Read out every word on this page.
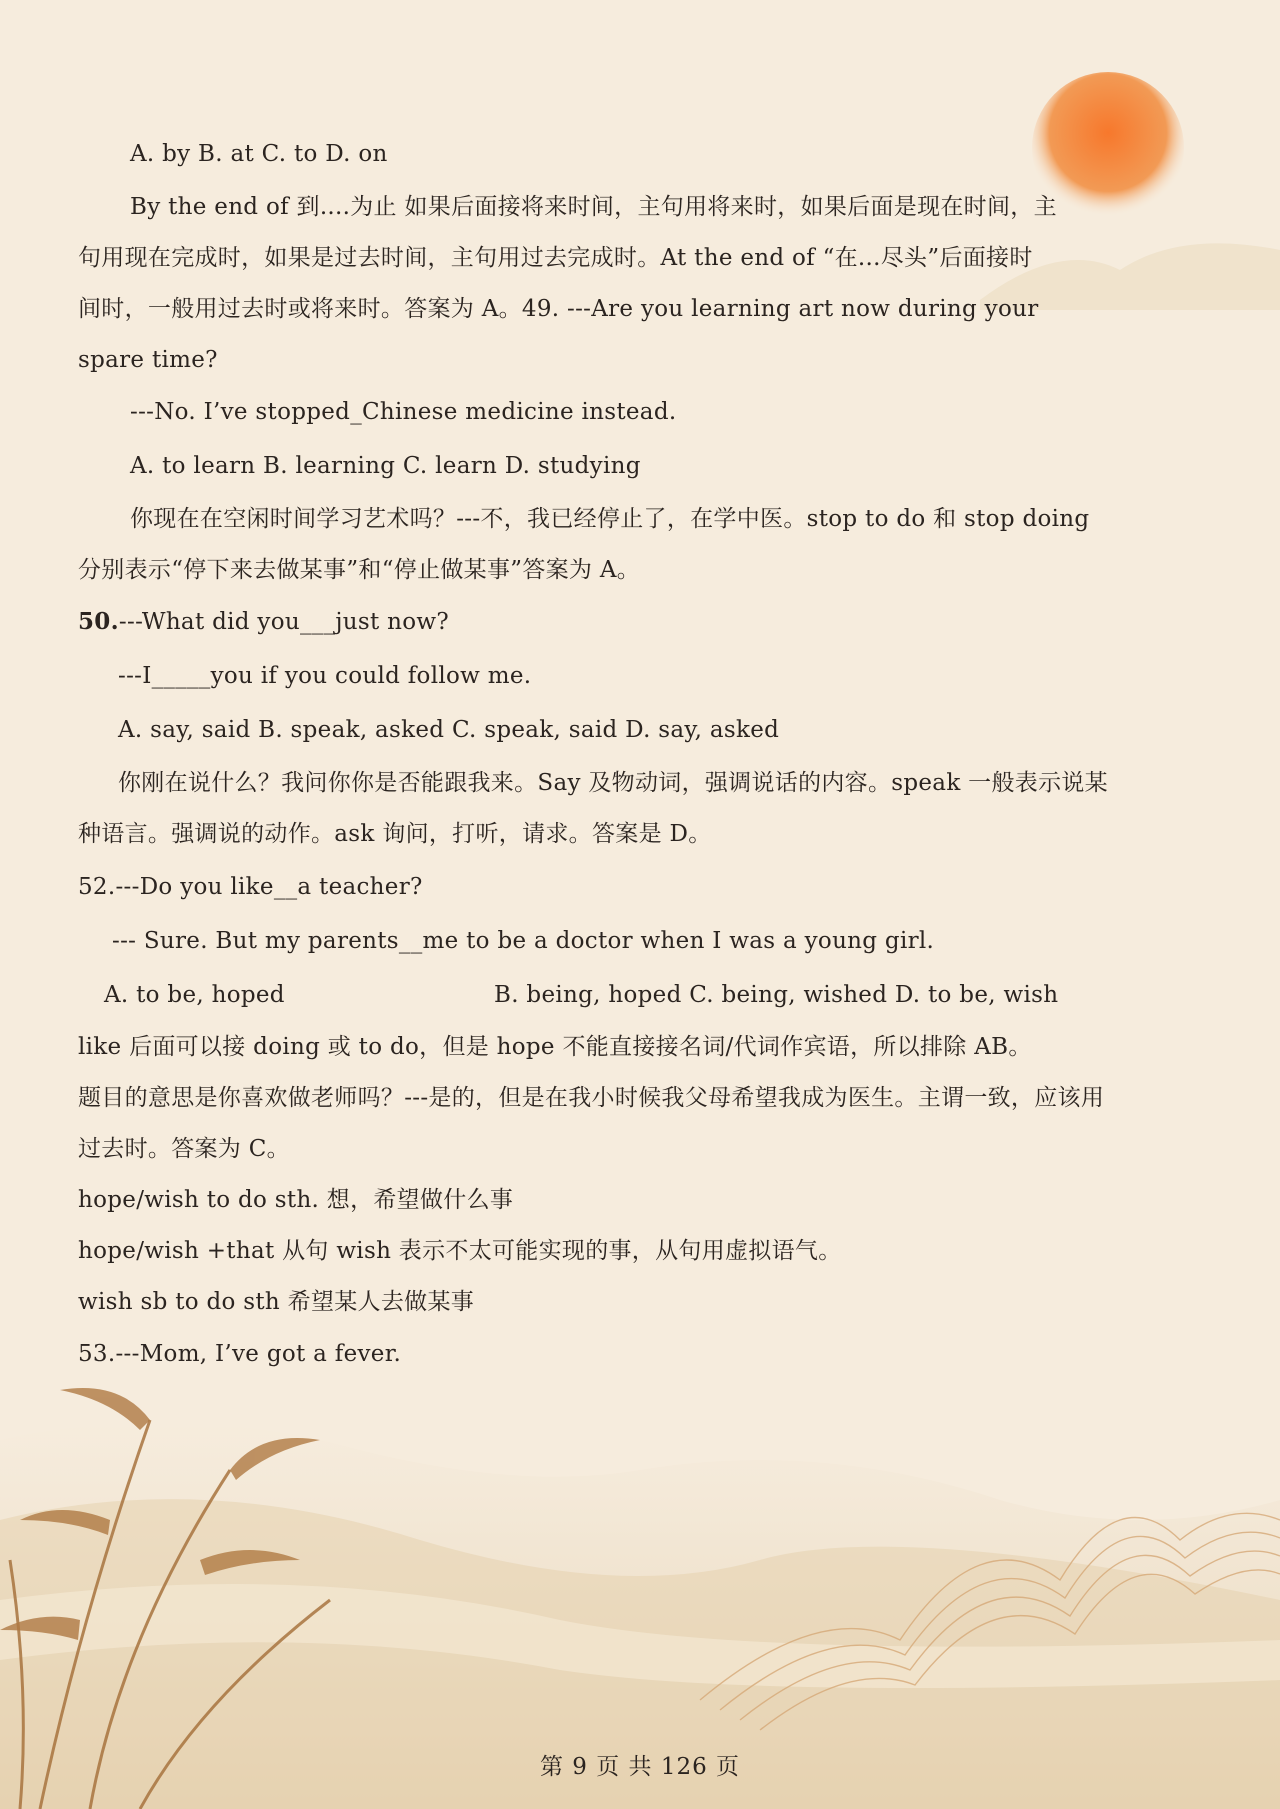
A. by B. at C. to D. on
By the end of 到....为止 如果后面接将来时间，主句用将来时，如果后面是现在时间，主
句用现在完成时，如果是过去时间，主句用过去完成时。At the end of “在...尽头”后面接时
间时，一般用过去时或将来时。答案为 A。49. ---Are you learning art now during your
spare time?
---No. I’ve stopped_Chinese medicine instead.
A. to learn B. learning C. learn D. studying
你现在在空闲时间学习艺术吗？---不，我已经停止了，在学中医。stop to do 和 stop doing
分别表示“停下来去做某事”和“停止做某事”答案为 A。
50.---What did you___just now?
---I_____you if you could follow me.
A. say, said B. speak, asked C. speak, said D. say, asked
你刚在说什么？我问你你是否能跟我来。Say 及物动词，强调说话的内容。speak 一般表示说某
种语言。强调说的动作。ask 询问，打听，请求。答案是 D。
52.---Do you like__a teacher?
--- Sure. But my parents__me to be a doctor when I was a young girl.
A. to be, hoped	B. being, hoped C. being, wished D. to be, wish
like 后面可以接 doing 或 to do，但是 hope 不能直接接名词/代词作宾语，所以排除 AB。
题目的意思是你喜欢做老师吗？---是的，但是在我小时候我父母希望我成为医生。主谓一致，应该用
过去时。答案为 C。
hope/wish to do sth. 想，希望做什么事
hope/wish +that 从句 wish 表示不太可能实现的事，从句用虚拟语气。
wish sb to do sth 希望某人去做某事
53.---Mom, I’ve got a fever.
第 9 页 共 126 页
